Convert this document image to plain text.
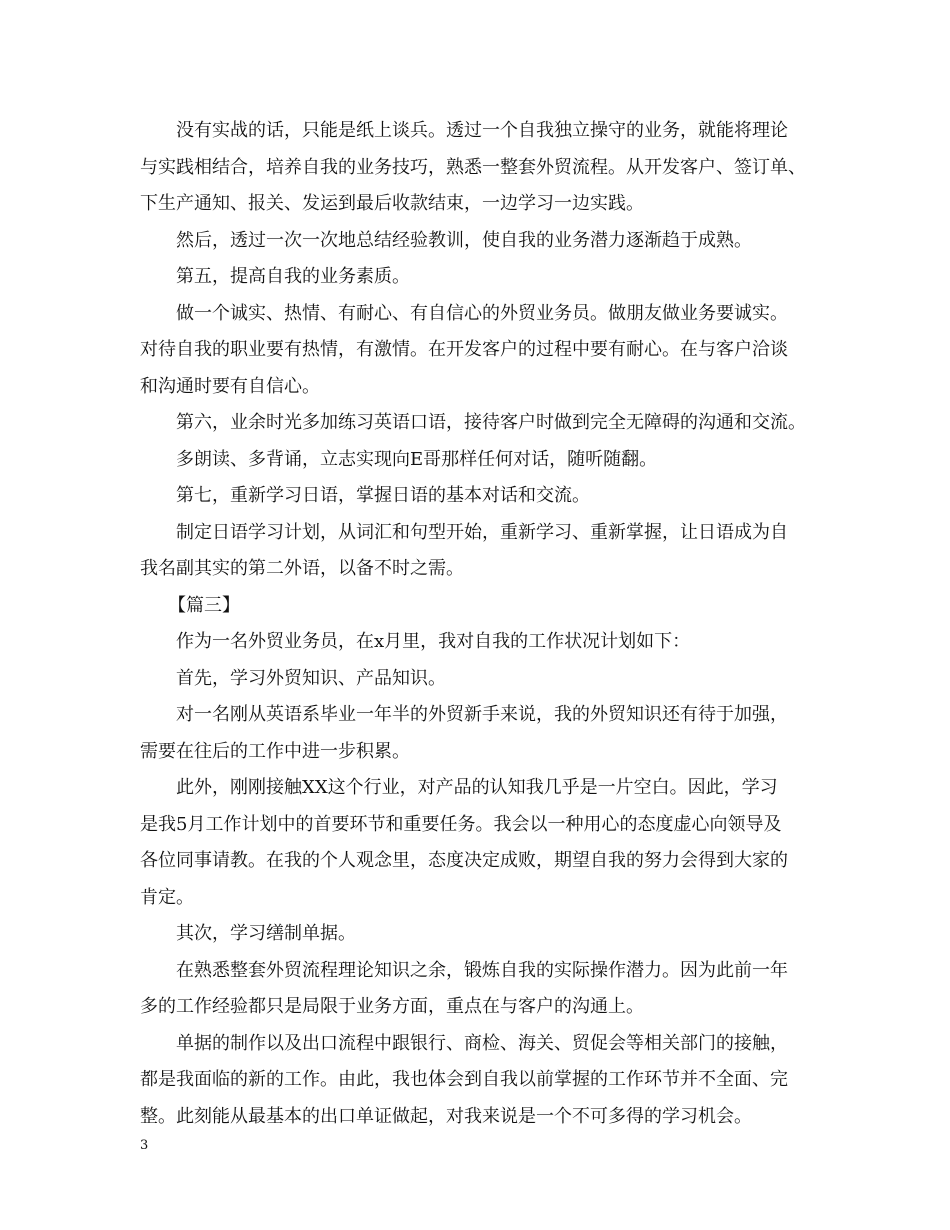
没有实战的话，只能是纸上谈兵。透过一个自我独立操守的业务，就能将理论

与实践相结合，培养自我的业务技巧，熟悉一整套外贸流程。从开发客户、签订单、

下生产通知、报关、发运到最后收款结束，一边学习一边实践。

然后，透过一次一次地总结经验教训，使自我的业务潜力逐渐趋于成熟。

第五，提高自我的业务素质。

做一个诚实、热情、有耐心、有自信心的外贸业务员。做朋友做业务要诚实。

对待自我的职业要有热情，有激情。在开发客户的过程中要有耐心。在与客户洽谈

和沟通时要有自信心。

第六，业余时光多加练习英语口语，接待客户时做到完全无障碍的沟通和交流。

多朗读、多背诵，立志实现向E哥那样任何对话，随听随翻。

第七，重新学习日语，掌握日语的基本对话和交流。

制定日语学习计划，从词汇和句型开始，重新学习、重新掌握，让日语成为自

我名副其实的第二外语，以备不时之需。

【篇三】

作为一名外贸业务员，在x月里，我对自我的工作状况计划如下：

首先，学习外贸知识、产品知识。

对一名刚从英语系毕业一年半的外贸新手来说，我的外贸知识还有待于加强，

需要在往后的工作中进一步积累。

此外，刚刚接触XX这个行业，对产品的认知我几乎是一片空白。因此，学习

是我5月工作计划中的首要环节和重要任务。我会以一种用心的态度虚心向领导及

各位同事请教。在我的个人观念里，态度决定成败，期望自我的努力会得到大家的

肯定。

其次，学习缮制单据。

在熟悉整套外贸流程理论知识之余，锻炼自我的实际操作潜力。因为此前一年

多的工作经验都只是局限于业务方面，重点在与客户的沟通上。

单据的制作以及出口流程中跟银行、商检、海关、贸促会等相关部门的接触，

都是我面临的新的工作。由此，我也体会到自我以前掌握的工作环节并不全面、完

整。此刻能从最基本的出口单证做起，对我来说是一个不可多得的学习机会。

3
